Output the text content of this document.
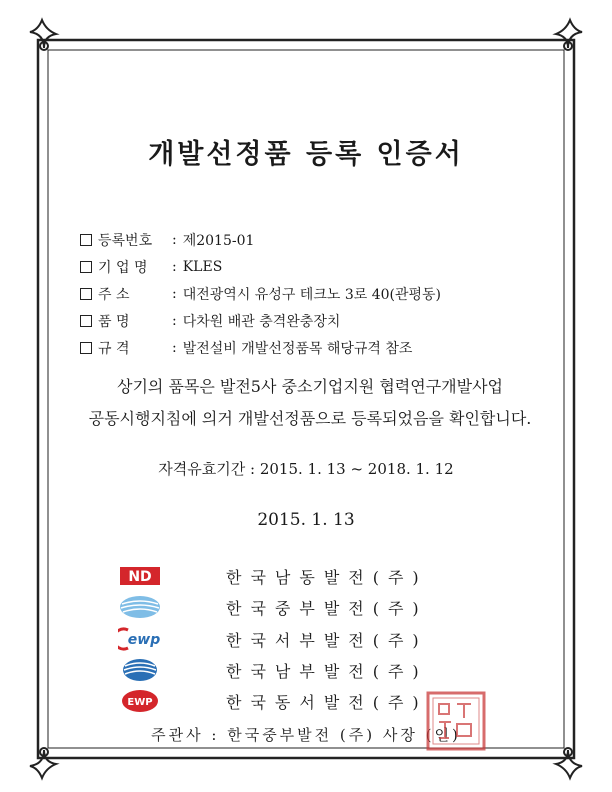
개발선정품 등록 인증서
등록번호	: 제2015-01
기 업 명	: KLES
주 소	: 대전광역시 유성구 테크노 3로 40(관평동)
품 명	: 다차원 배관 충격완충장치
규 격	: 발전설비 개발선정품목 해당규격 참조
상기의 품목은 발전5사 중소기업지원 협력연구개발사업
공동시행지침에 의거 개발선정품으로 등록되었음을 확인합니다.
자격유효기간 : 2015. 1. 13 ~ 2018. 1. 12
2015. 1. 13
ND	한국남동발전(주)
한국중부발전(주)
ewp	한국서부발전(주)
한국남부발전(주)
EWP	한국동서발전(주)
주관사 : 한국중부발전 (주) 사장 (인)
